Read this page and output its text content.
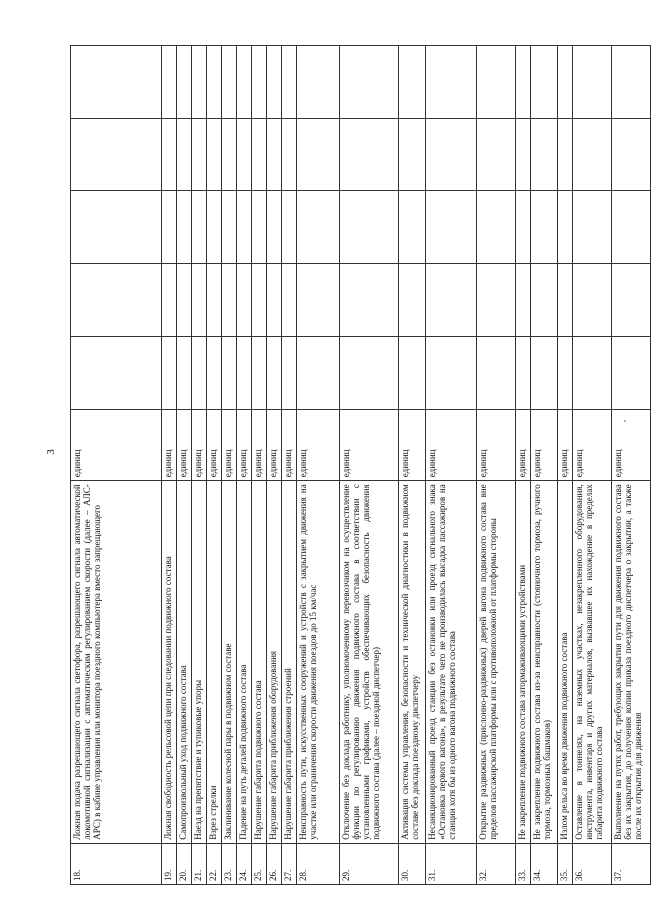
3
18.	Ложная подача разрешающего сигнала светофора, разрешающего сигнала автоматической локомотивной сигнализации с автоматическим регулированием скорости (далее – АЛС-АРС) в кабине управления или монитора поездного компьютера вместо запрещающего	единиц					
19.	Ложная свободность рельсовой цепи при следовании подвижного состава	единиц					
20.	Самопроизвольный уход подвижного состава	единиц					
21.	Наезд на препятствие и тупиковые упоры	единиц					
22.	Взрез стрелки	единиц					
23.	Заклинивание колесной пары в подвижном составе	единиц					
24.	Падение на путь деталей подвижного состава	единиц					
25.	Нарушение габарита подвижного состава	единиц					
26.	Нарушение габарита приближения оборудования	единиц					
27.	Нарушение габарита приближения строений	единиц					
28.	Неисправность пути, искусственных сооружений и устройств с закрытием движения на участке или ограничения скорости движения поездов до 15 км/час	единиц					
29.	Отключение без доклада работнику, уполномоченному перевозчиком на осуществление функции по регулированию движения подвижного состава в соответствии с установленными графиками, устройств обеспечивающих безопасность движения подвижного состава (далее – поездной диспетчер)	единиц					
30.	Активация системы управления, безопасности и технической диагностики в подвижном составе без доклада поездному диспетчеру	единиц					
31.	Несанкционированный проезд станции без остановки или проезд сигнального знака «Остановка первого вагона», в результате чего не производилась высадка пассажиров на станции хотя бы из одного вагона подвижного состава	единиц					
32.	Открытие раздвижных (прислонно-раздвижных) дверей вагона подвижного состава вне пределов пассажирской платформы или с противоположной от платформы стороны	единиц					
33.	Не закрепление подвижного состава затормаживающими устройствами	единиц					
34.	Не закрепление подвижного состава из-за неисправности (стояночного тормоза, ручного тормоза, тормозных башмаков)	единиц					
35.	Излом рельса во время движения подвижного состава	единиц					
36.	Оставление в тоннелях, на наземных участках, незакрепленного оборудования, инструмента, инвентаря и других материалов, вызвавшее их нахождение в пределах габарита подвижного состава	единиц					
37.	Выполнение на путях работ, требующих закрытия пути для движения подвижного состава без их закрытия, до получения копии приказа поездного диспетчера о закрытии, а также после их открытия для движения	единиц					
